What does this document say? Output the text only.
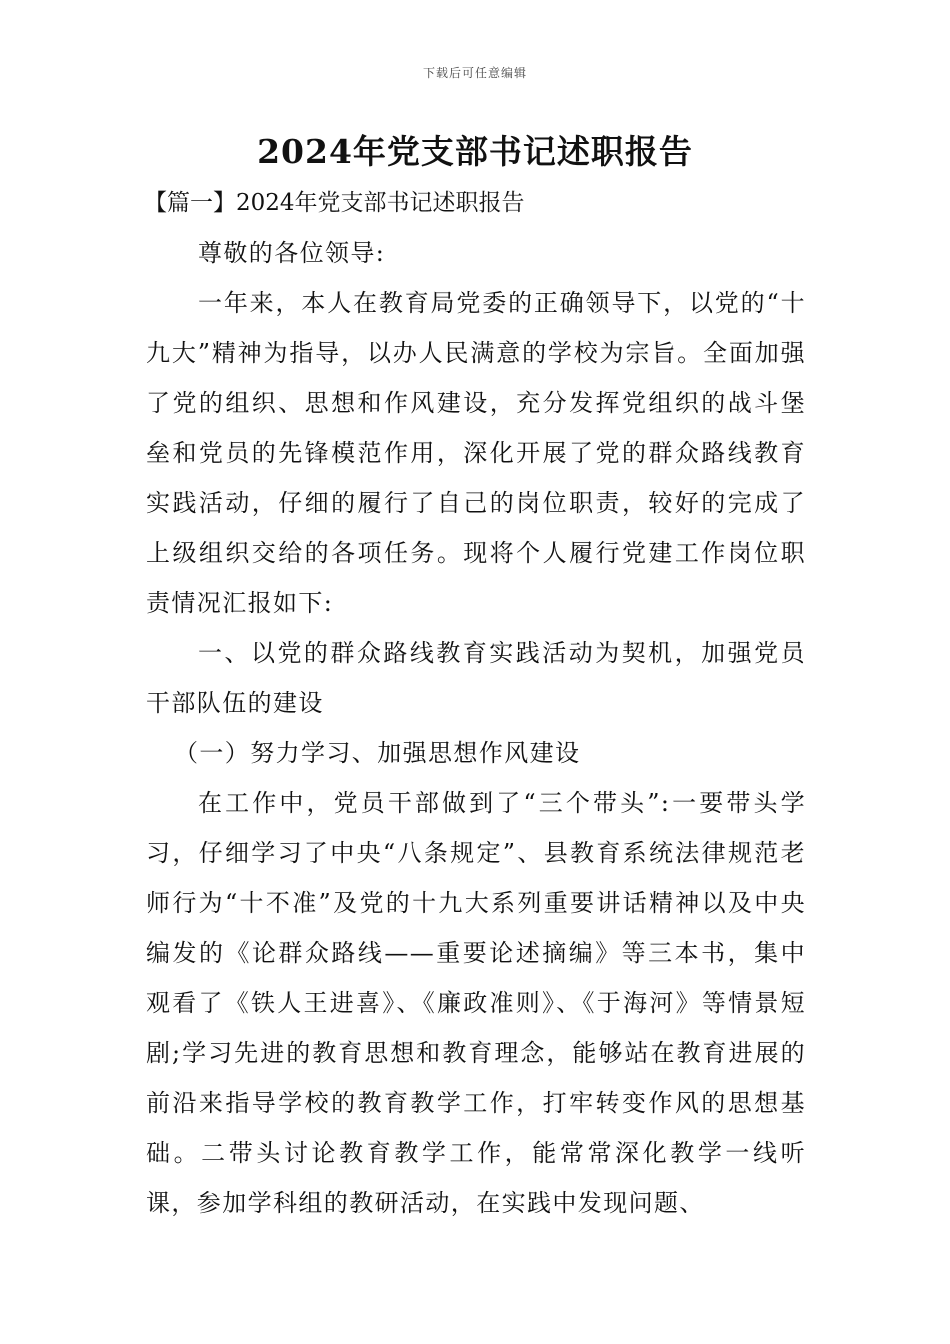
下载后可任意编辑
2024年党支部书记述职报告

【篇一】2024年党支部书记述职报告

尊敬的各位领导:

一年来，本人在教育局党委的正确领导下，以党的“十九大”精神为指导，以办人民满意的学校为宗旨。全面加强了党的组织、思想和作风建设，充分发挥党组织的战斗堡垒和党员的先锋模范作用，深化开展了党的群众路线教育实践活动，仔细的履行了自己的岗位职责，较好的完成了上级组织交给的各项任务。现将个人履行党建工作岗位职责情况汇报如下:

一、以党的群众路线教育实践活动为契机，加强党员干部队伍的建设

（一）努力学习、加强思想作风建设

在工作中，党员干部做到了“三个带头”:一要带头学习，仔细学习了中央“八条规定”、县教育系统法律规范老师行为“十不准”及党的十九大系列重要讲话精神以及中央编发的《论群众路线——重要论述摘编》等三本书，集中观看了《铁人王进喜》、《廉政准则》、《于海河》等情景短剧;学习先进的教育思想和教育理念，能够站在教育进展的前沿来指导学校的教育教学工作，打牢转变作风的思想基础。二带头讨论教育教学工作，能常常深化教学一线听课，参加学科组的教研活动，在实践中发现问题、
